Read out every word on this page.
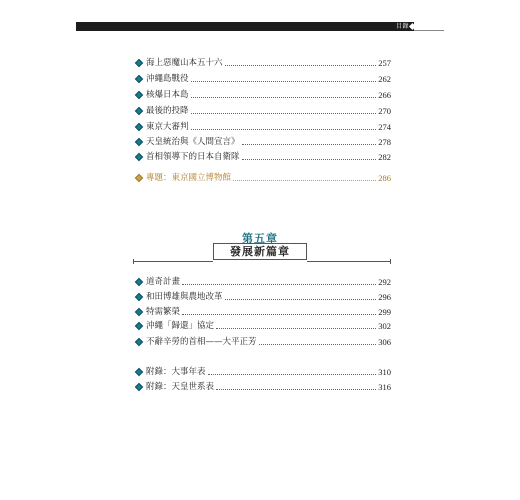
目錄
海上惡魔山本五十六	257
沖繩島戰役	262
核爆日本島	266
最後的投降	270
東京大審判	274
天皇統治與《人間宣言》	278
首相領導下的日本自衛隊	282
專題：東京國立博物館	286
第五章
發展新篇章
道奇計畫	292
和田博雄與農地改革	296
特需繁榮	299
沖繩「歸還」協定	302
不辭辛勞的首相——大平正芳	306
附錄：大事年表	310
附錄：天皇世系表	316
